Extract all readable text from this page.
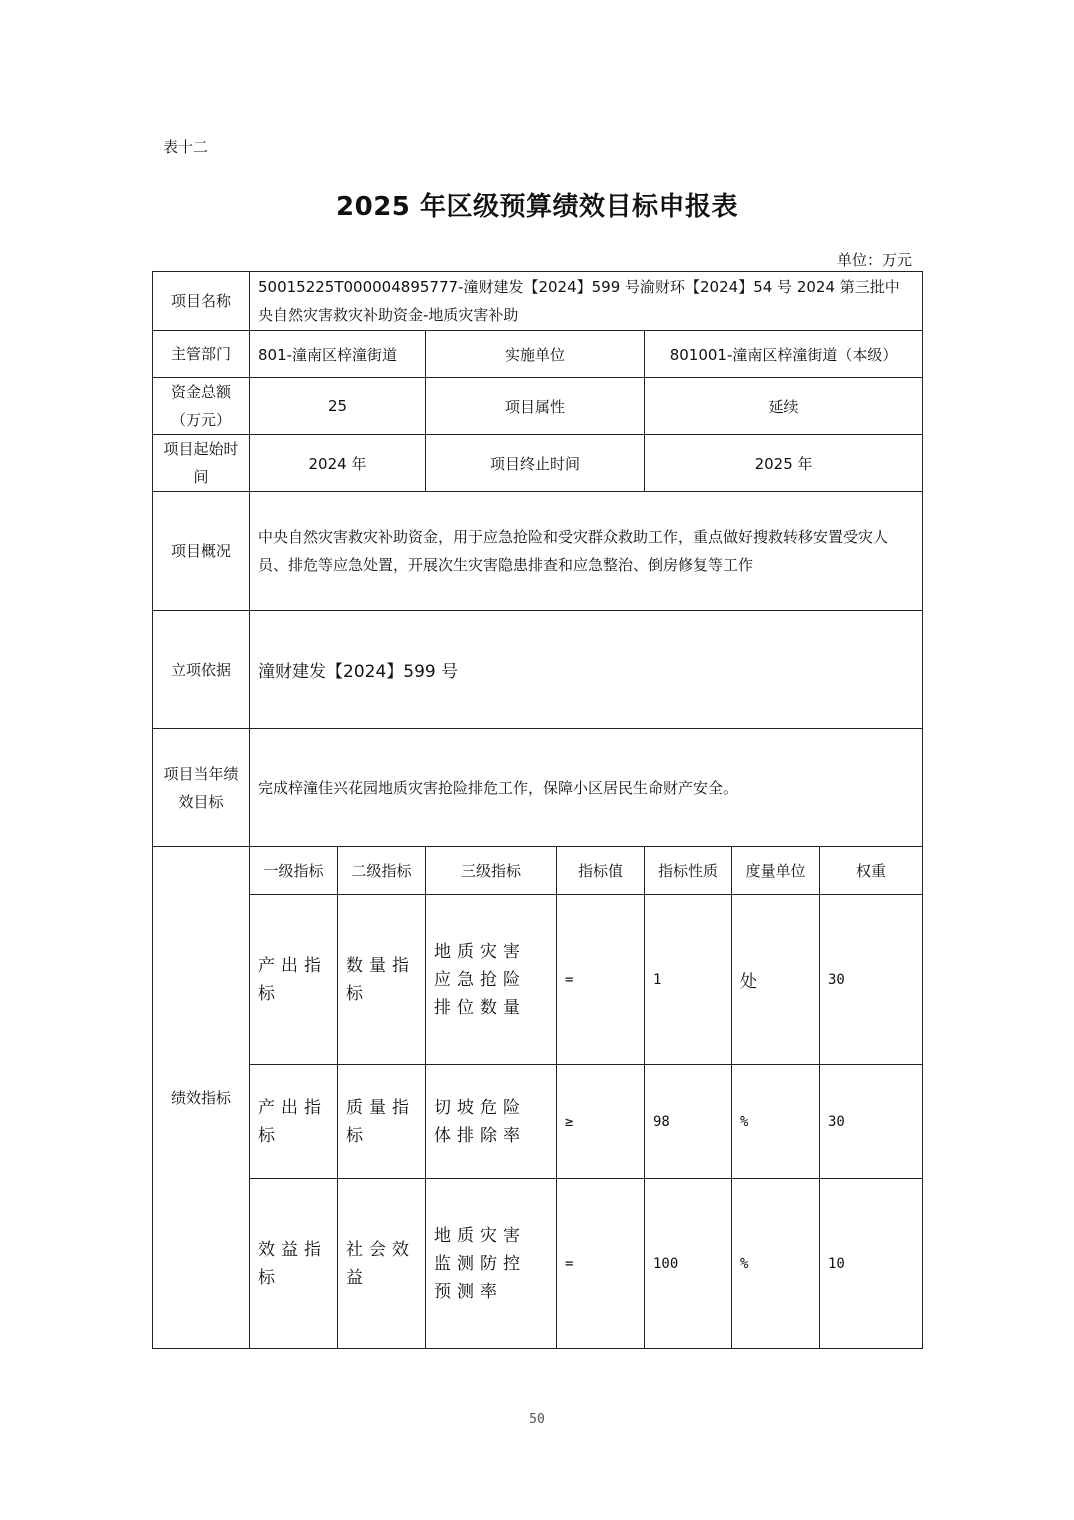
表十二
2025 年区级预算绩效目标申报表
单位：万元
项目名称	50015225T000004895777-潼财建发【2024】599 号渝财环【2024】54 号 2024 第三批中央自然灾害救灾补助资金-地质灾害补助						
主管部门	801-潼南区梓潼街道		实施单位		801001-潼南区梓潼街道（本级）		
资金总额（万元）	25		项目属性		延续		
项目起始时间	2024 年		项目终止时间		2025 年		
项目概况	中央自然灾害救灾补助资金，用于应急抢险和受灾群众救助工作，重点做好搜救转移安置受灾人员、排危等应急处置，开展次生灾害隐患排查和应急整治、倒房修复等工作						
立项依据	潼财建发【2024】599 号						
项目当年绩效目标	完成梓潼佳兴花园地质灾害抢险排危工作，保障小区居民生命财产安全。						
绩效指标	一级指标	二级指标	三级指标	指标值	指标性质	度量单位	权重
	产出指标	数量指标	地质灾害应急抢险排位数量	=	1	处	30
	产出指标	质量指标	切坡危险体排除率	≥	98	%	30
	效益指标	社会效益	地质灾害监测防控预测率	=	100	%	10
50
